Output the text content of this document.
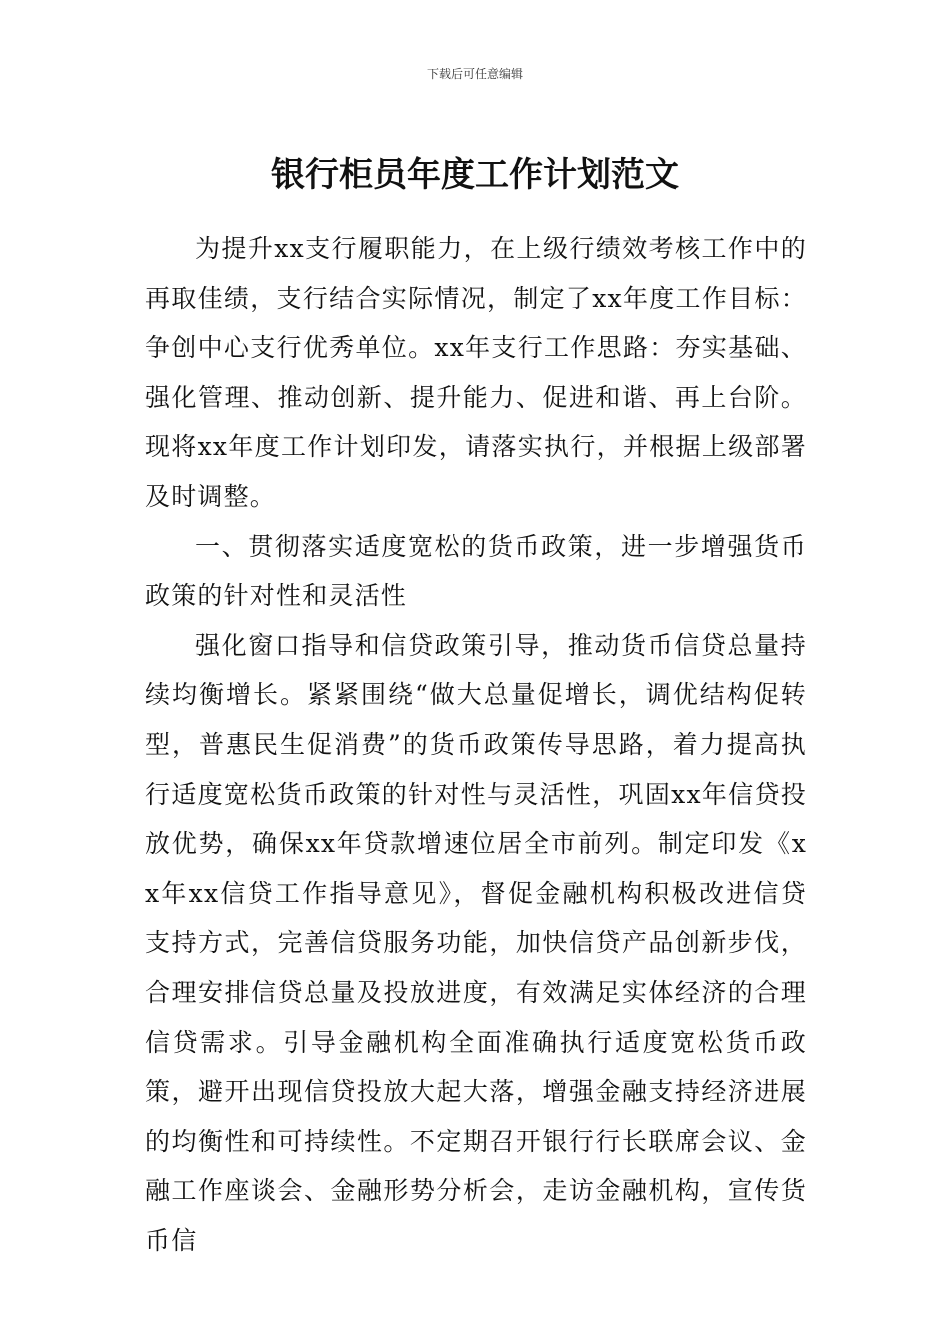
下载后可任意编辑
银行柜员年度工作计划范文

为提升xx支行履职能力，在上级行绩效考核工作中的再取佳绩，支行结合实际情况，制定了xx年度工作目标：争创中心支行优秀单位。xx年支行工作思路：夯实基础、强化管理、推动创新、提升能力、促进和谐、再上台阶。现将xx年度工作计划印发，请落实执行，并根据上级部署及时调整。

一、贯彻落实适度宽松的货币政策，进一步增强货币政策的针对性和灵活性

强化窗口指导和信贷政策引导，推动货币信贷总量持续均衡增长。紧紧围绕“做大总量促增长，调优结构促转型，普惠民生促消费”的货币政策传导思路，着力提高执行适度宽松货币政策的针对性与灵活性，巩固xx年信贷投放优势，确保xx年贷款增速位居全市前列。制定印发《xx年xx信贷工作指导意见》，督促金融机构积极改进信贷支持方式，完善信贷服务功能，加快信贷产品创新步伐，合理安排信贷总量及投放进度，有效满足实体经济的合理信贷需求。引导金融机构全面准确执行适度宽松货币政策，避开出现信贷投放大起大落，增强金融支持经济进展的均衡性和可持续性。不定期召开银行行长联席会议、金融工作座谈会、金融形势分析会，走访金融机构，宣传货币信
